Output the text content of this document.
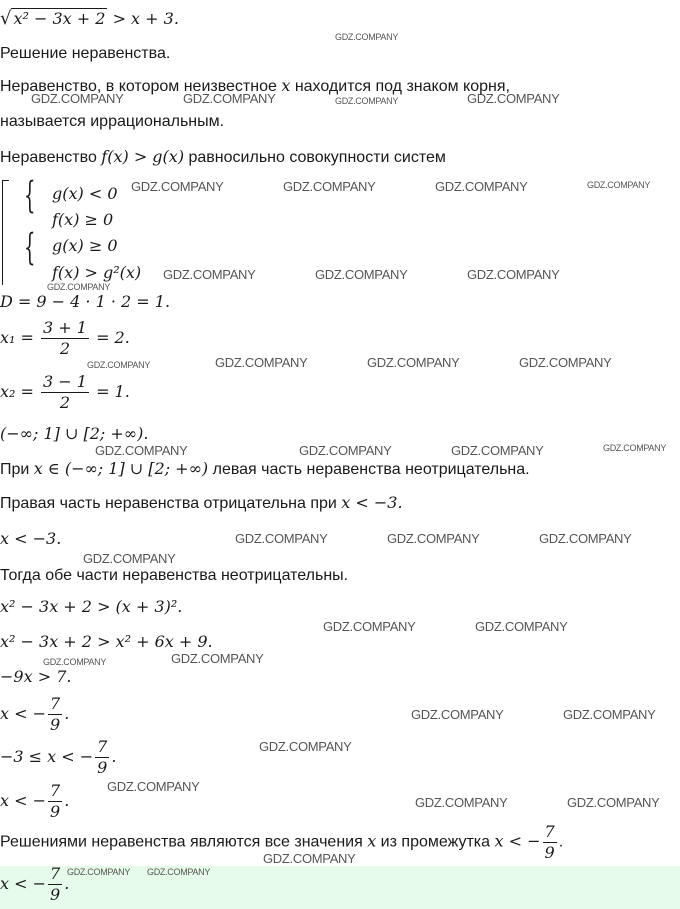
GDZ.COMPANY
GDZ.COMPANY	GDZ.COMPANY	GDZ.COMPANY	GDZ.COMPANY
GDZ.COMPANY	GDZ.COMPANY	GDZ.COMPANY	GDZ.COMPANY
GDZ.COMPANY	GDZ.COMPANY	GDZ.COMPANY
GDZ.COMPANY
GDZ.COMPANY	GDZ.COMPANY	GDZ.COMPANY	GDZ.COMPANY
GDZ.COMPANY	GDZ.COMPANY	GDZ.COMPANY	GDZ.COMPANY
GDZ.COMPANY	GDZ.COMPANY	GDZ.COMPANY
GDZ.COMPANY
GDZ.COMPANY	GDZ.COMPANY
GDZ.COMPANY	GDZ.COMPANY
GDZ.COMPANY	GDZ.COMPANY
GDZ.COMPANY
GDZ.COMPANY
GDZ.COMPANY	GDZ.COMPANY
GDZ.COMPANY
GDZ.COMPANY GDZ.COMPANY
√ x² − 3x + 2 > x + 3.
Решение неравенства.
Неравенство, в котором неизвестное x находится под знаком корня,
называется иррациональным.
Неравенство f(x) > g(x) равносильно совокупности систем
{
{
g(x) < 0
f(x) ≥ 0
g(x) ≥ 0
f(x) > g²(x)
D = 9 − 4 · 1 · 2 = 1.
$x_1 = \frac{3 + 1}{2} = 2$.
$x_2 = \frac{3 - 1}{2} = 1$.
(−∞; 1] ∪ [2; +∞).
При x ∈ (−∞; 1] ∪ [2; +∞) левая часть неравенства неотрицательна.
Правая часть неравенства отрицательна при x < −3.
x < −3.
Тогда обе части неравенства неотрицательны.
x² − 3x + 2 > (x + 3)².
x² − 3x + 2 > x² + 6x + 9.
−9x > 7.
x < − $\frac{7}{9}$ .
−3 ≤ x < − $\frac{7}{9}$ .
x < − $\frac{7}{9}$ .
Решениями неравенства являются все значения x из промежутка x < − $\frac{7}{9}$ .
x < − $\frac{7}{9}$ .
